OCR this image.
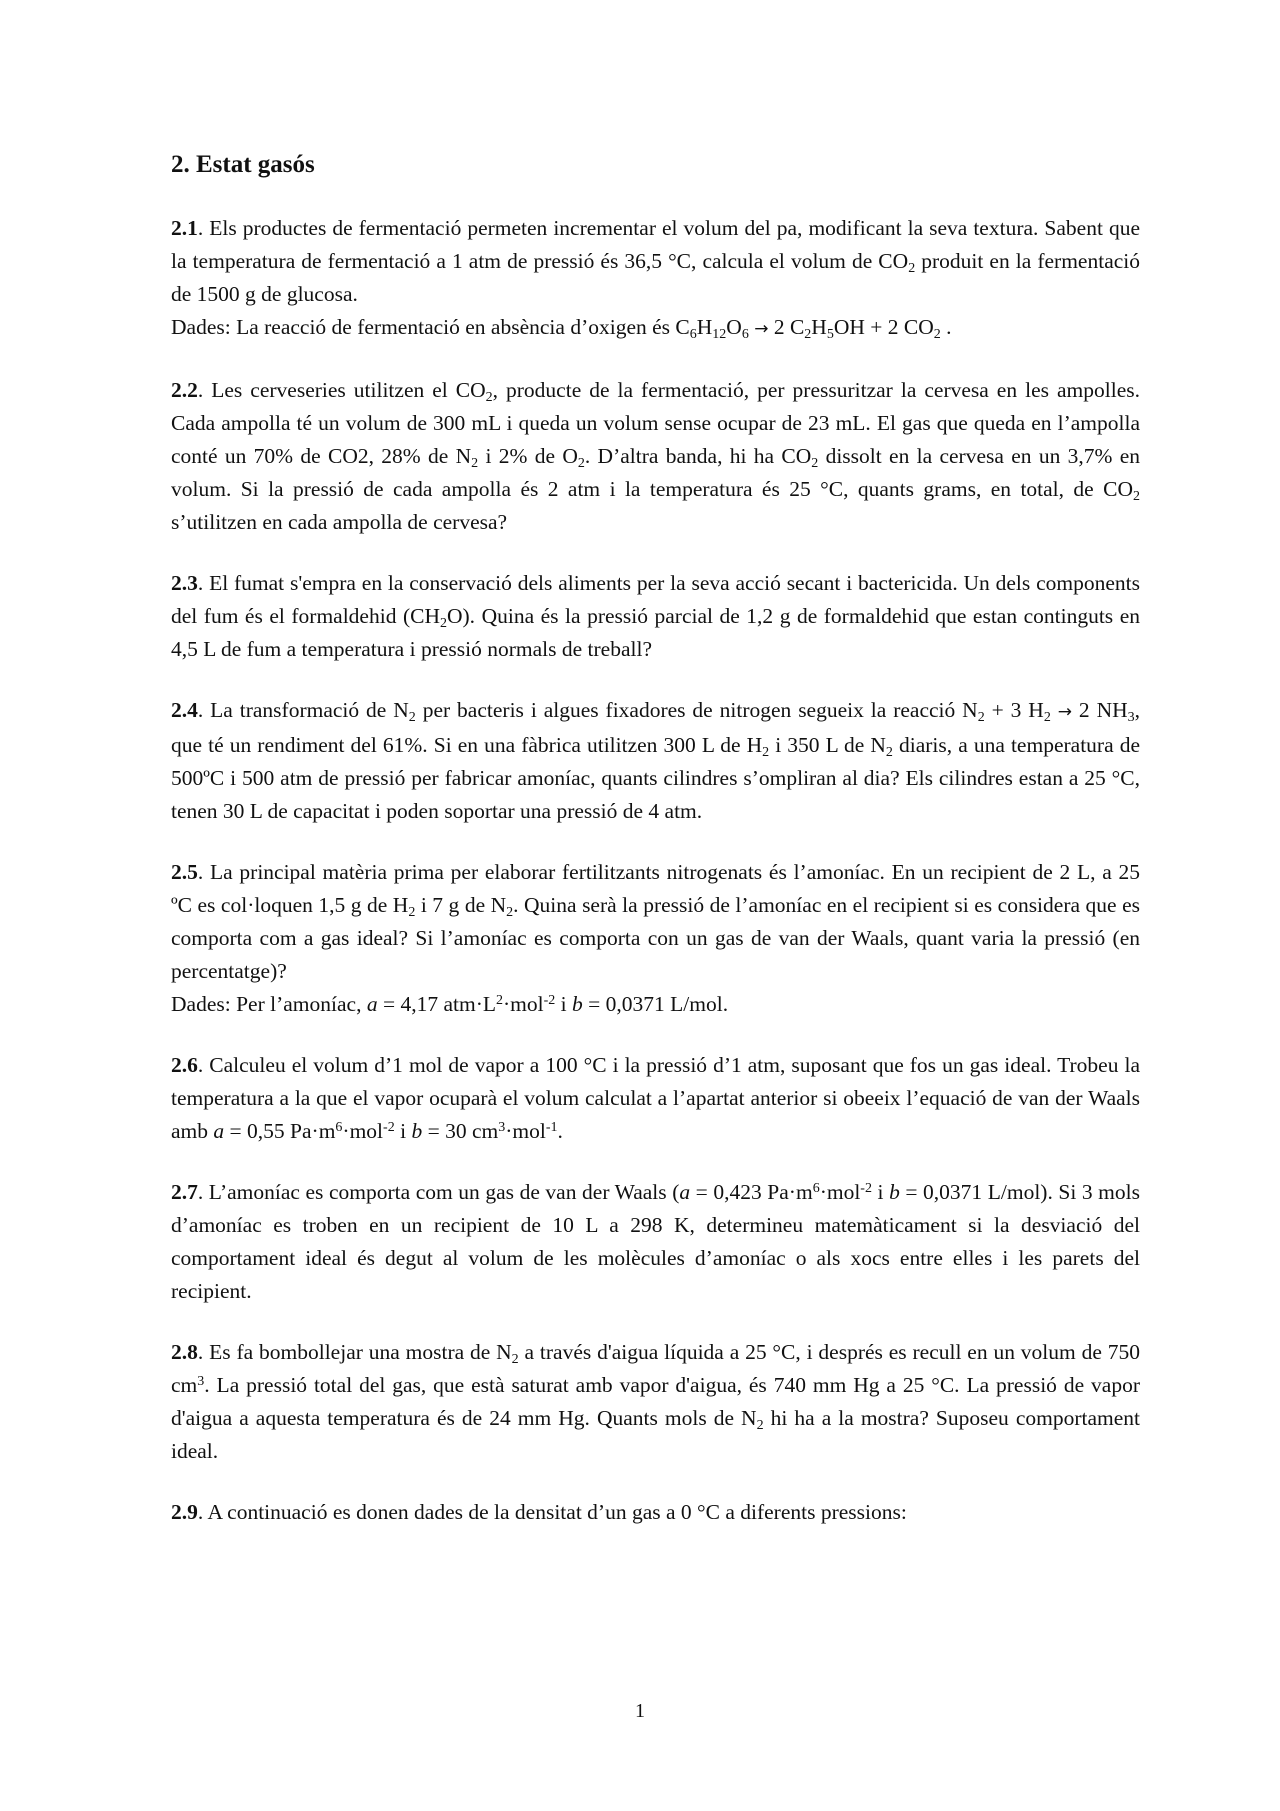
2. Estat gasós

2.1. Els productes de fermentació permeten incrementar el volum del pa, modificant la seva textura. Sabent que la temperatura de fermentació a 1 atm de pressió és 36,5 °C, calcula el volum de $CO_2$ produit en la fermentació de 1500 g de glucosa.

Dades: La reacció de fermentació en absència d’oxigen és $C_6H_{12}O_6 \to 2$ $C_2H_5OH + 2$ $CO_2$ .

2.2. Les cerveseries utilitzen el $CO_2$, producte de la fermentació, per pressuritzar la cervesa en les ampolles. Cada ampolla té un volum de 300 mL i queda un volum sense ocupar de 23 mL. El gas que queda en l’ampolla conté un 70% de CO2, 28% de $N_2$ i 2% de $O_2$. D’altra banda, hi ha $CO_2$ dissolt en la cervesa en un 3,7% en volum. Si la pressió de cada ampolla és 2 atm i la temperatura és 25 °C, quants grams, en total, de $CO_2$ s’utilitzen en cada ampolla de cervesa?

2.3. El fumat s'empra en la conservació dels aliments per la seva acció secant i bactericida. Un dels components del fum és el formaldehid $(CH_2O)$. Quina és la pressió parcial de 1,2 g de formaldehid que estan continguts en 4,5 L de fum a temperatura i pressió normals de treball?

2.4. La transformació de $N_2$ per bacteris i algues fixadores de nitrogen segueix la reacció $N_2 + 3$ $H_2 \to 2$ $NH_3$, que té un rendiment del 61%. Si en una fàbrica utilitzen 300 L de $H_2$ i 350 L de $N_2$ diaris, a una temperatura de 500ºC i 500 atm de pressió per fabricar amoníac, quants cilindres s’ompliran al dia? Els cilindres estan a 25 °C, tenen 30 L de capacitat i poden soportar una pressió de 4 atm.

2.5. La principal matèria prima per elaborar fertilitzants nitrogenats és l’amoníac. En un recipient de 2 L, a 25 ºC es col·loquen 1,5 g de $H_2$ i 7 g de $N_2$. Quina serà la pressió de l’amoníac en el recipient si es considera que es comporta com a gas ideal? Si l’amoníac es comporta con un gas de van der Waals, quant varia la pressió (en percentatge)?

Dades: Per l’amoníac, a = 4,17 $atm\cdot L^2\cdot mol^{-2}$ i b = 0,0371 L/mol.

2.6. Calculeu el volum d’1 mol de vapor a 100 °C i la pressió d’1 atm, suposant que fos un gas ideal. Trobeu la temperatura a la que el vapor ocuparà el volum calculat a l’apartat anterior si obeeix l’equació de van der Waals amb a = 0,55 $Pa\cdot m^6\cdot mol^{-2}$ i b = 30 $cm^3\cdot mol^{-1}$.

2.7. L’amoníac es comporta com un gas de van der Waals (a = 0,423 $Pa\cdot m^6\cdot mol^{-2}$ i b = 0,0371 L/mol). Si 3 mols d’amoníac es troben en un recipient de 10 L a 298 K, determineu matemàticament si la desviació del comportament ideal és degut al volum de les molècules d’amoníac o als xocs entre elles i les parets del recipient.

2.8. Es fa bombollejar una mostra de $N_2$ a través d'aigua líquida a 25 °C, i després es recull en un volum de 750 $cm^3$. La pressió total del gas, que està saturat amb vapor d'aigua, és 740 mm Hg a 25 °C. La pressió de vapor d'aigua a aquesta temperatura és de 24 mm Hg. Quants mols de $N_2$ hi ha a la mostra? Suposeu comportament ideal.

2.9. A continuació es donen dades de la densitat d’un gas a 0 °C a diferents pressions:

1
